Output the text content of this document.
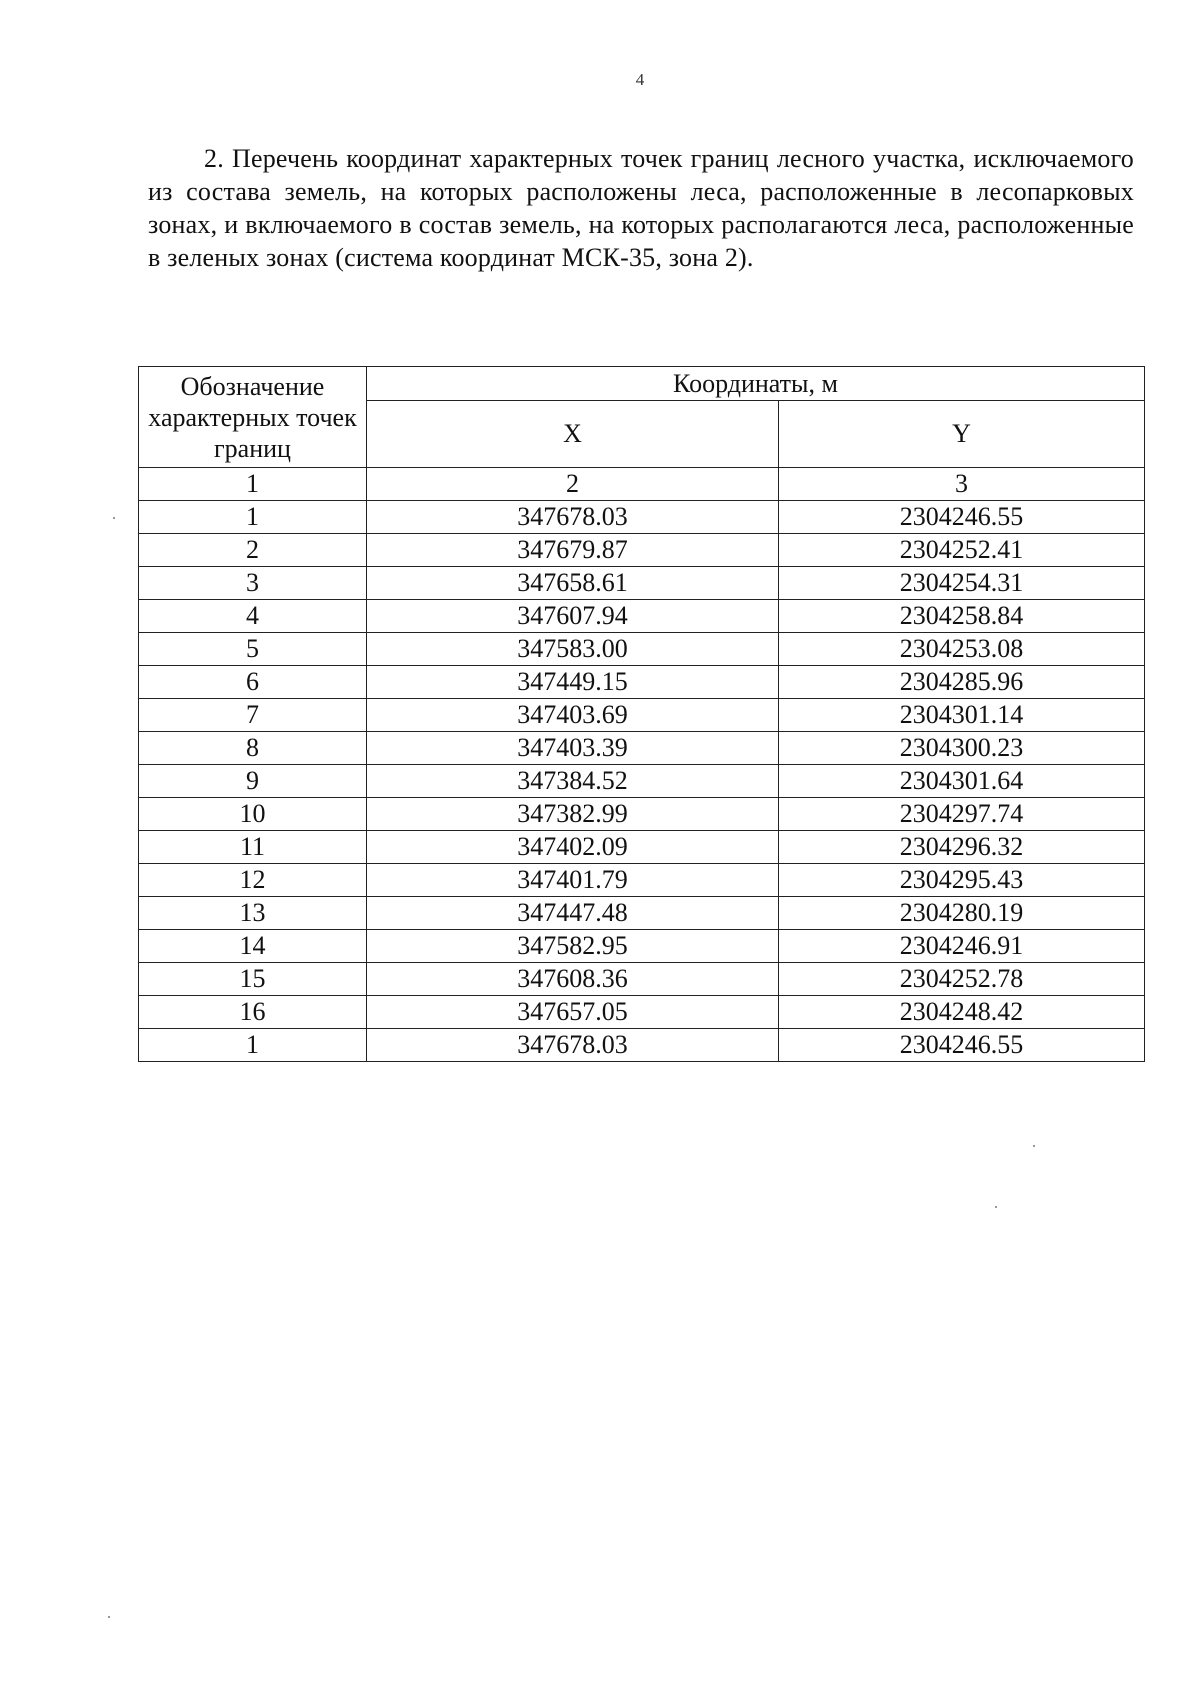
4

2. Перечень координат характерных точек границ лесного участка, исключаемого из состава земель, на которых расположены леса, расположенные в лесопарковых зонах, и включаемого в состав земель, на которых располагаются леса, расположенные в зеленых зонах (система координат МСК-35, зона 2).

Обозначение характерных точек границ	Координаты, м	
	X	Y
1	2	3
1	347678.03	2304246.55
2	347679.87	2304252.41
3	347658.61	2304254.31
4	347607.94	2304258.84
5	347583.00	2304253.08
6	347449.15	2304285.96
7	347403.69	2304301.14
8	347403.39	2304300.23
9	347384.52	2304301.64
10	347382.99	2304297.74
11	347402.09	2304296.32
12	347401.79	2304295.43
13	347447.48	2304280.19
14	347582.95	2304246.91
15	347608.36	2304252.78
16	347657.05	2304248.42
1	347678.03	2304246.55
